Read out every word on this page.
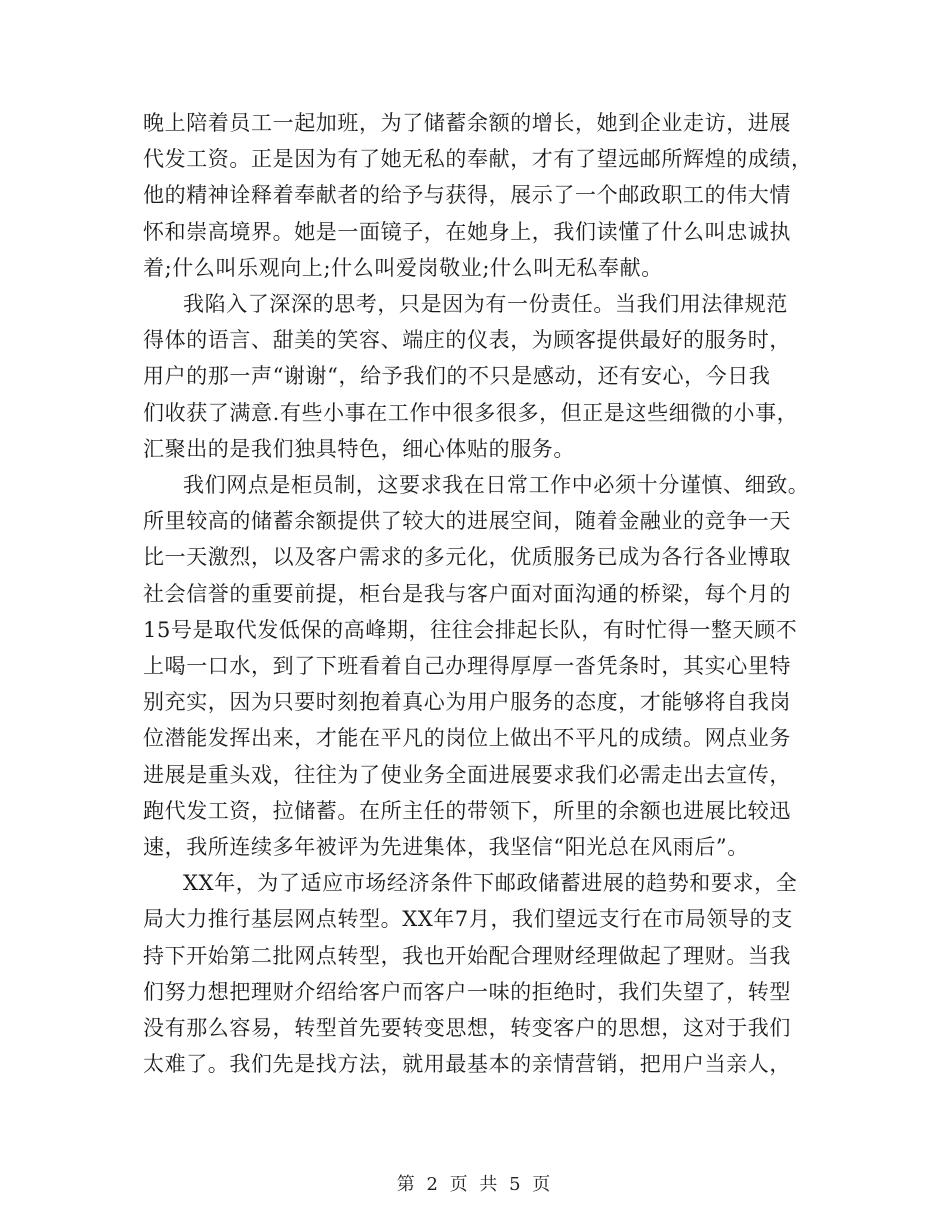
晚上陪着员工一起加班，为了储蓄余额的增长，她到企业走访，进展
代发工资。正是因为有了她无私的奉献，才有了望远邮所辉煌的成绩，
他的精神诠释着奉献者的给予与获得，展示了一个邮政职工的伟大情
怀和崇高境界。她是一面镜子，在她身上，我们读懂了什么叫忠诚执
着;什么叫乐观向上;什么叫爱岗敬业;什么叫无私奉献。
我陷入了深深的思考，只是因为有一份责任。当我们用法律规范
得体的语言、甜美的笑容、端庄的仪表，为顾客提供最好的服务时，
用户的那一声“谢谢“，给予我们的不只是感动，还有安心，今日我
们收获了满意.有些小事在工作中很多很多，但正是这些细微的小事，
汇聚出的是我们独具特色，细心体贴的服务。
我们网点是柜员制，这要求我在日常工作中必须十分谨慎、细致。
所里较高的储蓄余额提供了较大的进展空间，随着金融业的竞争一天
比一天激烈，以及客户需求的多元化，优质服务已成为各行各业博取
社会信誉的重要前提，柜台是我与客户面对面沟通的桥梁，每个月的
15号是取代发低保的高峰期，往往会排起长队，有时忙得一整天顾不
上喝一口水，到了下班看着自己办理得厚厚一沓凭条时，其实心里特
别充实，因为只要时刻抱着真心为用户服务的态度，才能够将自我岗
位潜能发挥出来，才能在平凡的岗位上做出不平凡的成绩。网点业务
进展是重头戏，往往为了使业务全面进展要求我们必需走出去宣传，
跑代发工资，拉储蓄。在所主任的带领下，所里的余额也进展比较迅
速，我所连续多年被评为先进集体，我坚信“阳光总在风雨后”。
XX年，为了适应市场经济条件下邮政储蓄进展的趋势和要求，全
局大力推行基层网点转型。XX年7月，我们望远支行在市局领导的支
持下开始第二批网点转型，我也开始配合理财经理做起了理财。当我
们努力想把理财介绍给客户而客户一味的拒绝时，我们失望了，转型
没有那么容易，转型首先要转变思想，转变客户的思想，这对于我们
太难了。我们先是找方法，就用最基本的亲情营销，把用户当亲人，
第 2 页 共 5 页
